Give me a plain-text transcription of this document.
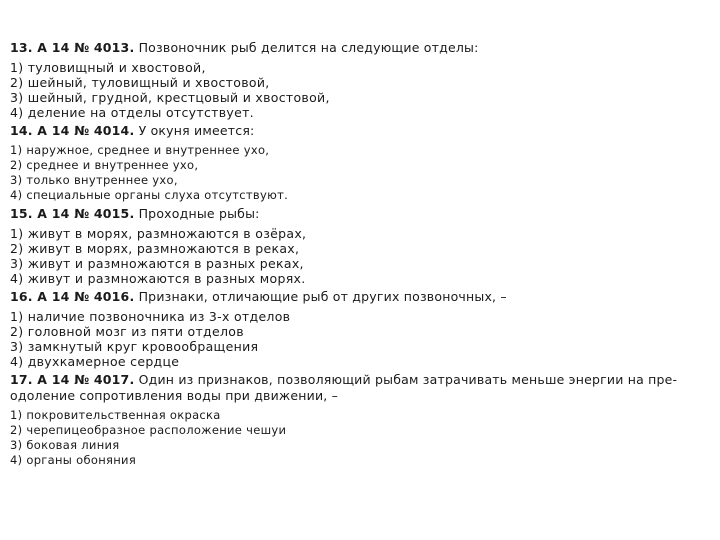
13. А 14 № 4013. Позвоночник рыб делится на следующие отделы:

1) туловищный и хвостовой,
2) шейный, туловищный и хвостовой,
3) шейный, грудной, крестцовый и хвостовой,
4) деление на отделы отсутствует.

14. А 14 № 4014. У окуня имеется:

1) наружное, среднее и внутреннее ухо,
2) среднее и внутреннее ухо,
3) только внутреннее ухо,
4) специальные органы слуха отсутствуют.

15. А 14 № 4015. Проходные рыбы:

1) живут в морях, размножаются в озёрах,
2) живут в морях, размножаются в реках,
3) живут и размножаются в разных реках,
4) живут и размножаются в разных морях.

16. А 14 № 4016. Признаки, отличающие рыб от других позвоночных, –

1) наличие позвоночника из 3-х отделов
2) головной мозг из пяти отделов
3) замкнутый круг кровообращения
4) двухкамерное сердце

17. А 14 № 4017. Один из признаков, позволяющий рыбам затрачивать меньше энергии на пре-одоление сопротивления воды при движении, –

1) покровительственная окраска
2) черепицеобразное расположение чешуи
3) боковая линия
4) органы обоняния
